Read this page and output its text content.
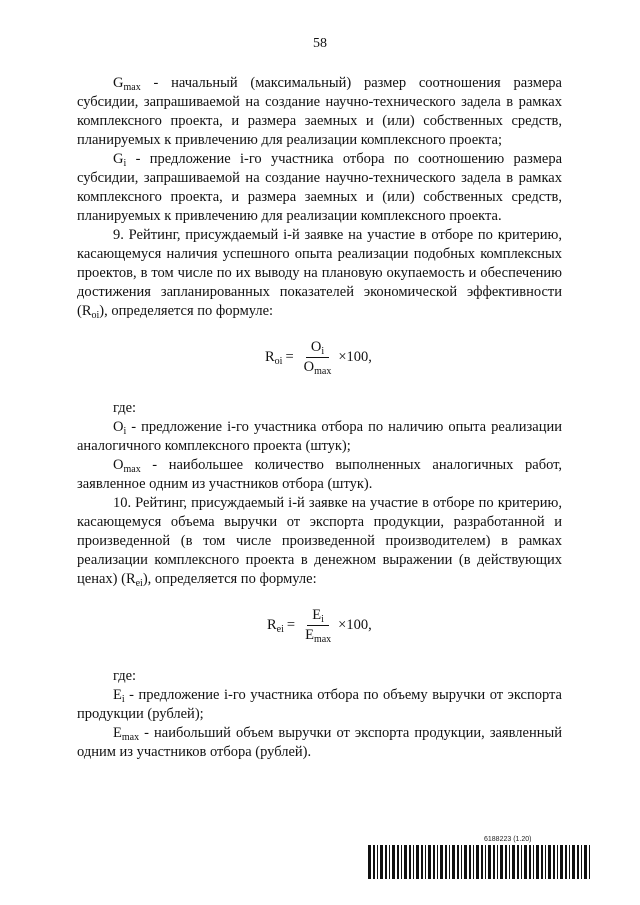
58

$G_{max}$ - начальный (максимальный) размер соотношения размера субсидии, запрашиваемой на создание научно-технического задела в рамках комплексного проекта, и размера заемных и (или) собственных средств, планируемых к привлечению для реализации комплексного проекта;

$G_i$ - предложение i-го участника отбора по соотношению размера субсидии, запрашиваемой на создание научно-технического задела в рамках комплексного проекта, и размера заемных и (или) собственных средств, планируемых к привлечению для реализации комплексного проекта.

9. Рейтинг, присуждаемый i-й заявке на участие в отборе по критерию, касающемуся наличия успешного опыта реализации подобных комплексных проектов, в том числе по их выводу на плановую окупаемость и обеспечению достижения запланированных показателей экономической эффективности $(R_{oi})$, определяется по формуле:

$R_{oi} = \frac{O_i}{O_{max}} \times 100$,

где:

$O_i$ - предложение i-го участника отбора по наличию опыта реализации аналогичного комплексного проекта (штук);

$O_{max}$ - наибольшее количество выполненных аналогичных работ, заявленное одним из участников отбора (штук).

10. Рейтинг, присуждаемый i-й заявке на участие в отборе по критерию, касающемуся объема выручки от экспорта продукции, разработанной и произведенной (в том числе произведенной производителем) в рамках реализации комплексного проекта в денежном выражении (в действующих ценах) $(R_{ei})$, определяется по формуле:

$R_{ei} = \frac{E_i}{E_{max}} \times 100$,

где:

$E_i$ - предложение i-го участника отбора по объему выручки от экспорта продукции (рублей);

$E_{max}$ - наибольший объем выручки от экспорта продукции, заявленный одним из участников отбора (рублей).

6188223 (1.20)
